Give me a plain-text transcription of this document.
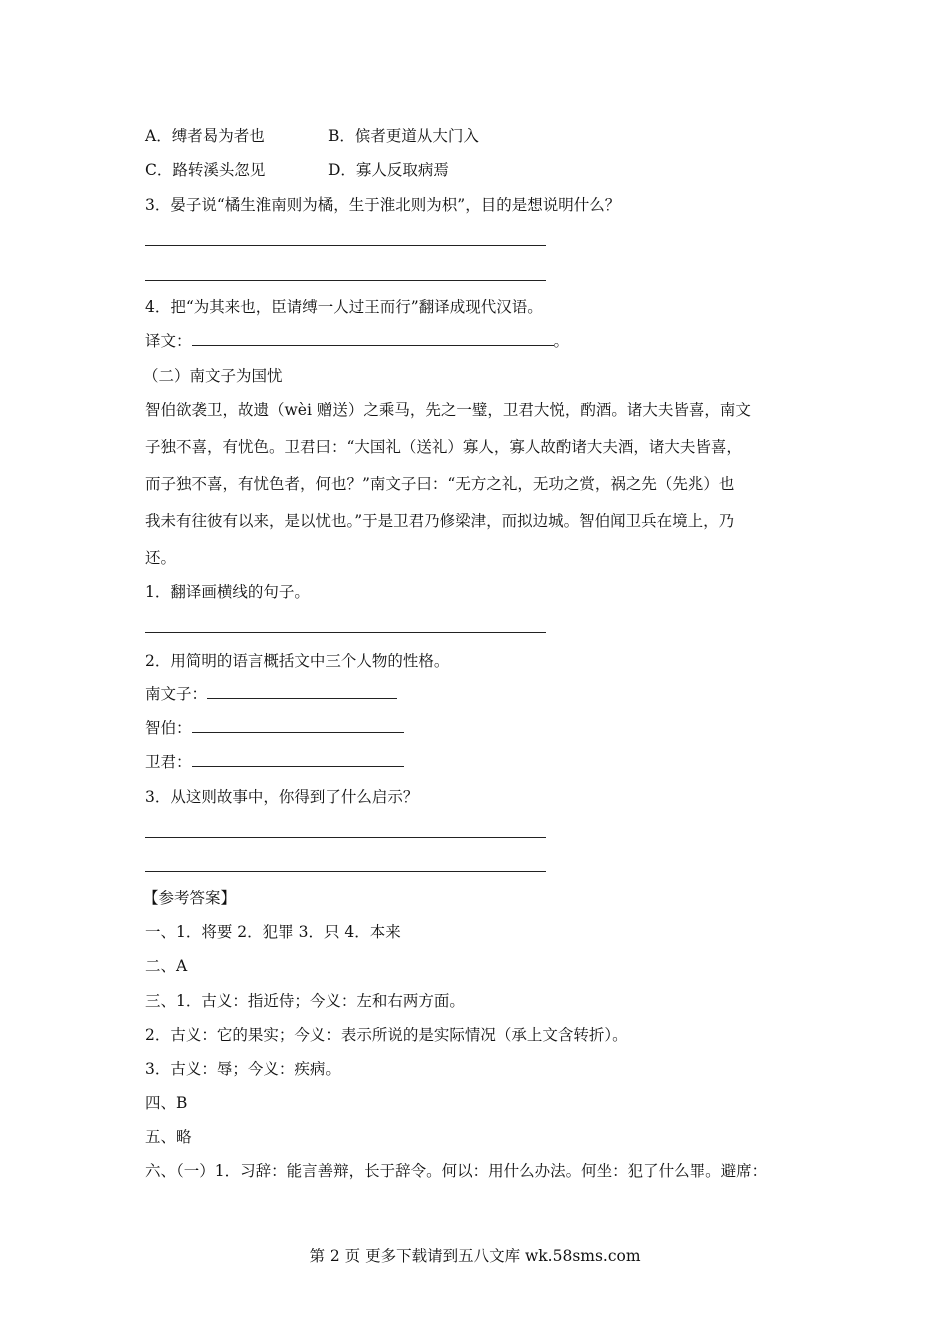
A．缚者曷为者也	B．傧者更道从大门入
C．路转溪头忽见	D．寡人反取病焉
3．晏子说“橘生淮南则为橘，生于淮北则为枳”，目的是想说明什么？
4．把“为其来也，臣请缚一人过王而行”翻译成现代汉语。
译文：	。
（二）南文子为国忧
智伯欲袭卫，故遗（wèi 赠送）之乘马，先之一璧，卫君大悦，酌酒。诸大夫皆喜，南文
子独不喜，有忧色。卫君曰：“大国礼（送礼）寡人，寡人故酌诸大夫酒，诸大夫皆喜，
而子独不喜，有忧色者，何也？”南文子曰：“无方之礼，无功之赏，祸之先（先兆）也
我未有往彼有以来，是以忧也。”于是卫君乃修梁津，而拟边城。智伯闻卫兵在境上，乃
还。
1．翻译画横线的句子。
2．用简明的语言概括文中三个人物的性格。
南文子：
智伯：
卫君：
3．从这则故事中，你得到了什么启示？
【参考答案】
一、1．将要 2．犯罪 3．只 4．本来
二、A
三、1．古义：指近侍；今义：左和右两方面。
2．古义：它的果实；今义：表示所说的是实际情况（承上文含转折）。
3．古义：辱；今义：疾病。
四、B
五、略
六、（一）1．习辞：能言善辩，长于辞令。何以：用什么办法。何坐：犯了什么罪。避席：
第 2 页 更多下载请到五八文库 wk.58sms.com
